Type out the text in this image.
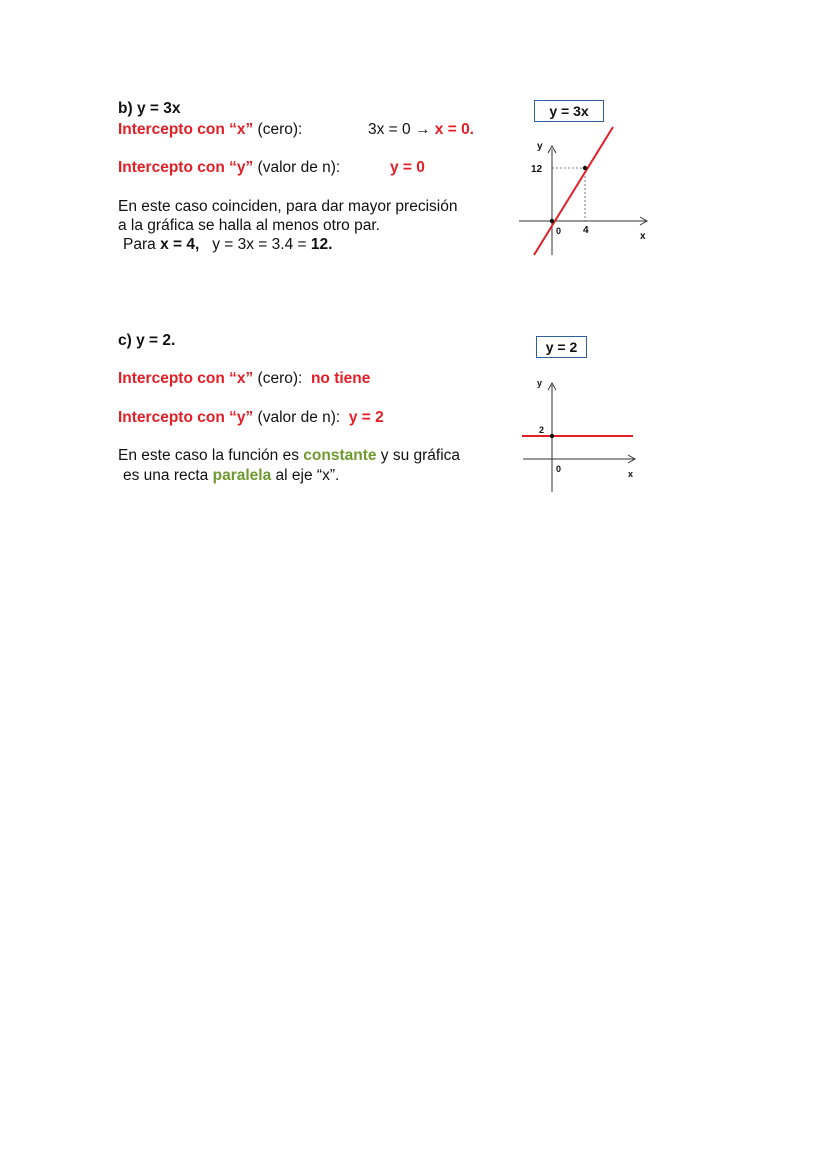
b) y = 3x
Intercepto con “x” (cero):	3x = 0 → x = 0.
Intercepto con “y” (valor de n):	y = 0
En este caso coinciden, para dar mayor precisión
a la gráfica se halla al menos otro par.
Para x = 4, y = 3x = 3.4 = 12.
y = 3x
y
x
12
4
0
c) y = 2.
Intercepto con “x” (cero): no tiene
Intercepto con “y” (valor de n): y = 2
En este caso la función es constante y su gráfica
es una recta paralela al eje “x”.
y = 2
y
x
2
0
